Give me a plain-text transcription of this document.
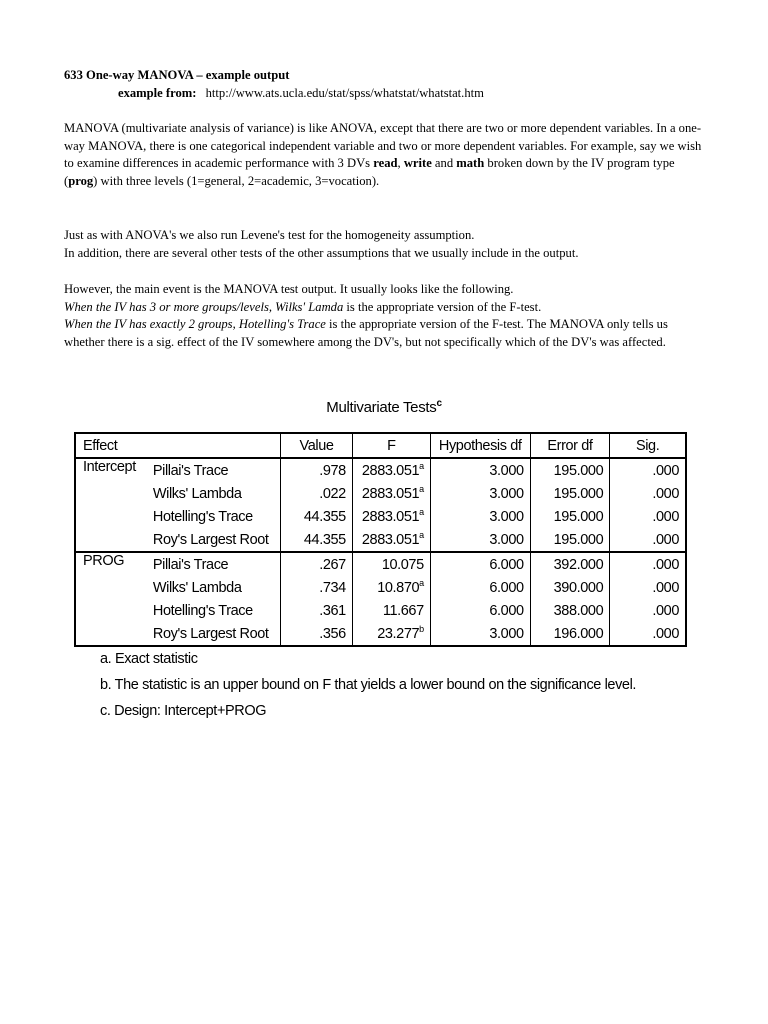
633 One-way MANOVA – example output

example from: http://www.ats.ucla.edu/stat/spss/whatstat/whatstat.htm

MANOVA (multivariate analysis of variance) is like ANOVA, except that there are two or more dependent variables. In a one-way MANOVA, there is one categorical independent variable and two or more dependent variables. For example, say we wish to examine differences in academic performance with 3 DVs read, write and math broken down by the IV program type (prog) with three levels (1=general, 2=academic, 3=vocation).

Just as with ANOVA's we also run Levene's test for the homogeneity assumption.

In addition, there are several other tests of the other assumptions that we usually include in the output.

However, the main event is the MANOVA test output. It usually looks like the following.

When the IV has 3 or more groups/levels, Wilks' Lamda is the appropriate version of the F-test.

When the IV has exactly 2 groups, Hotelling's Trace is the appropriate version of the F-test. The MANOVA only tells us whether there is a sig. effect of the IV somewhere among the DV's, but not specifically which of the DV's was affected.

Multivariate Tests$^c$
Effect		Value	F	Hypothesis df	Error df	Sig.
Intercept	Pillai's Trace	.978	2883.051$^a$	3.000	195.000	.000
	Wilks' Lambda	.022	2883.051$^a$	3.000	195.000	.000
	Hotelling's Trace	44.355	2883.051$^a$	3.000	195.000	.000
	Roy's Largest Root	44.355	2883.051$^a$	3.000	195.000	.000
PROG	Pillai's Trace	.267	10.075	6.000	392.000	.000
	Wilks' Lambda	.734	10.870$^a$	6.000	390.000	.000
	Hotelling's Trace	.361	11.667	6.000	388.000	.000
	Roy's Largest Root	.356	23.277$^b$	3.000	196.000	.000
a. Exact statistic
b. The statistic is an upper bound on F that yields a lower bound on the significance level.
c. Design: Intercept+PROG
